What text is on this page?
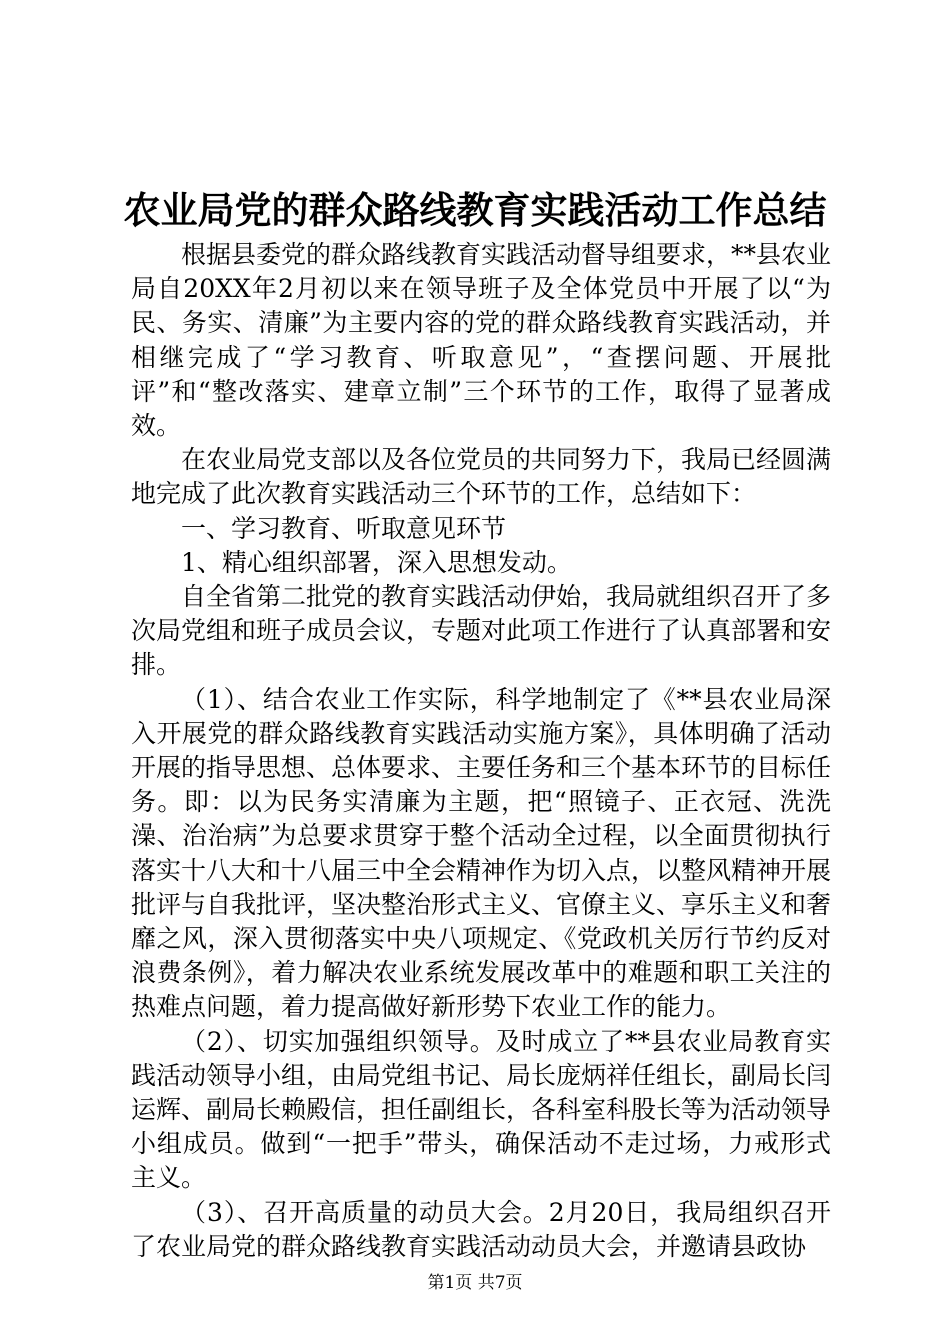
农业局党的群众路线教育实践活动工作总结

根据县委党的群众路线教育实践活动督导组要求，**县农业局自20XX年2月初以来在领导班子及全体党员中开展了以“为民、务实、清廉”为主要内容的党的群众路线教育实践活动，并相继完成了“学习教育、听取意见”，“查摆问题、开展批评”和“整改落实、建章立制”三个环节的工作，取得了显著成效。

在农业局党支部以及各位党员的共同努力下，我局已经圆满地完成了此次教育实践活动三个环节的工作，总结如下：

一、学习教育、听取意见环节

1、精心组织部署，深入思想发动。

自全省第二批党的教育实践活动伊始，我局就组织召开了多次局党组和班子成员会议，专题对此项工作进行了认真部署和安排。

（1）、结合农业工作实际，科学地制定了《**县农业局深入开展党的群众路线教育实践活动实施方案》，具体明确了活动开展的指导思想、总体要求、主要任务和三个基本环节的目标任务。即：以为民务实清廉为主题，把“照镜子、正衣冠、洗洗澡、治治病”为总要求贯穿于整个活动全过程，以全面贯彻执行落实十八大和十八届三中全会精神作为切入点，以整风精神开展批评与自我批评，坚决整治形式主义、官僚主义、享乐主义和奢靡之风，深入贯彻落实中央八项规定、《党政机关厉行节约反对浪费条例》，着力解决农业系统发展改革中的难题和职工关注的热难点问题，着力提高做好新形势下农业工作的能力。

（2）、切实加强组织领导。及时成立了**县农业局教育实践活动领导小组，由局党组书记、局长庞炳祥任组长，副局长闫运辉、副局长赖殿信，担任副组长，各科室科股长等为活动领导小组成员。做到“一把手”带头，确保活动不走过场，力戒形式主义。

（3）、召开高质量的动员大会。2月20日，我局组织召开了农业局党的群众路线教育实践活动动员大会，并邀请县政协

第1页 共7页
